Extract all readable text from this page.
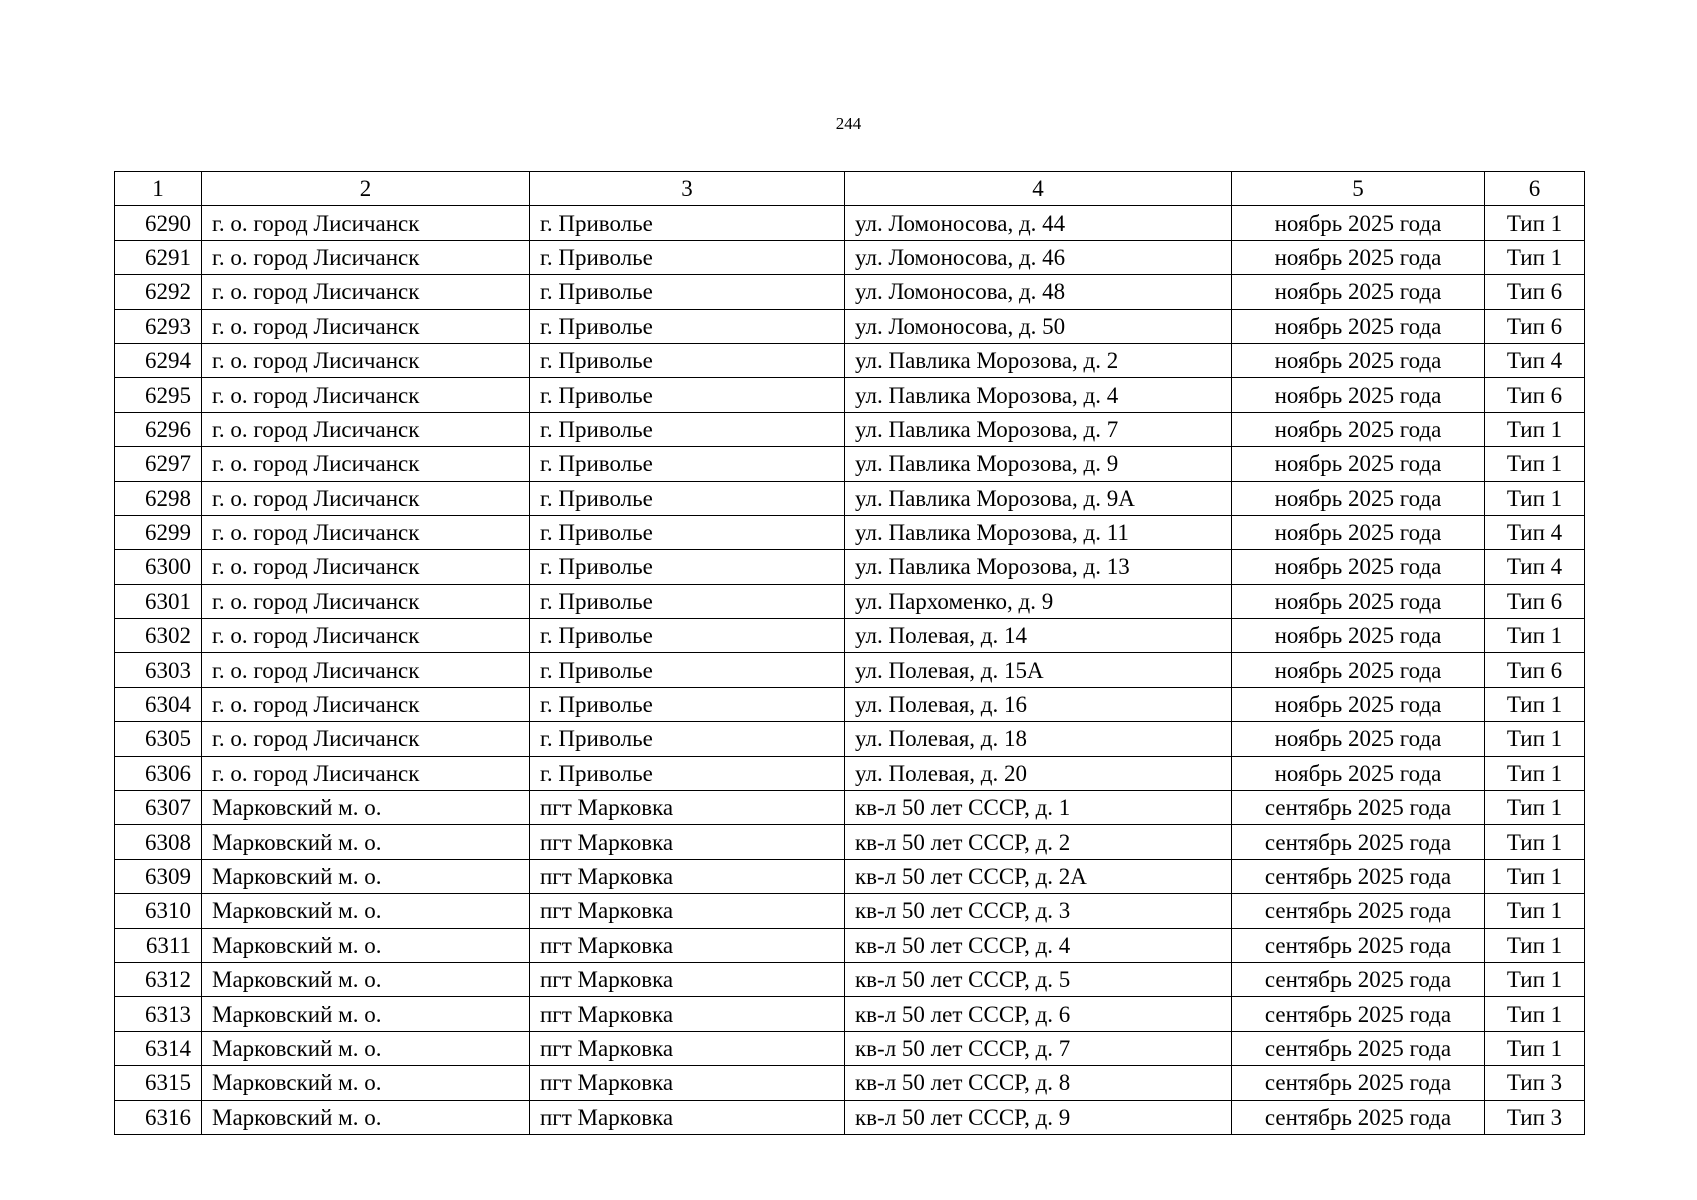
244
1	2	3	4	5	6
6290	г. о. город Лисичанск	г. Приволье	ул. Ломоносова, д. 44	ноябрь 2025 года	Тип 1
6291	г. о. город Лисичанск	г. Приволье	ул. Ломоносова, д. 46	ноябрь 2025 года	Тип 1
6292	г. о. город Лисичанск	г. Приволье	ул. Ломоносова, д. 48	ноябрь 2025 года	Тип 6
6293	г. о. город Лисичанск	г. Приволье	ул. Ломоносова, д. 50	ноябрь 2025 года	Тип 6
6294	г. о. город Лисичанск	г. Приволье	ул. Павлика Морозова, д. 2	ноябрь 2025 года	Тип 4
6295	г. о. город Лисичанск	г. Приволье	ул. Павлика Морозова, д. 4	ноябрь 2025 года	Тип 6
6296	г. о. город Лисичанск	г. Приволье	ул. Павлика Морозова, д. 7	ноябрь 2025 года	Тип 1
6297	г. о. город Лисичанск	г. Приволье	ул. Павлика Морозова, д. 9	ноябрь 2025 года	Тип 1
6298	г. о. город Лисичанск	г. Приволье	ул. Павлика Морозова, д. 9А	ноябрь 2025 года	Тип 1
6299	г. о. город Лисичанск	г. Приволье	ул. Павлика Морозова, д. 11	ноябрь 2025 года	Тип 4
6300	г. о. город Лисичанск	г. Приволье	ул. Павлика Морозова, д. 13	ноябрь 2025 года	Тип 4
6301	г. о. город Лисичанск	г. Приволье	ул. Пархоменко, д. 9	ноябрь 2025 года	Тип 6
6302	г. о. город Лисичанск	г. Приволье	ул. Полевая, д. 14	ноябрь 2025 года	Тип 1
6303	г. о. город Лисичанск	г. Приволье	ул. Полевая, д. 15А	ноябрь 2025 года	Тип 6
6304	г. о. город Лисичанск	г. Приволье	ул. Полевая, д. 16	ноябрь 2025 года	Тип 1
6305	г. о. город Лисичанск	г. Приволье	ул. Полевая, д. 18	ноябрь 2025 года	Тип 1
6306	г. о. город Лисичанск	г. Приволье	ул. Полевая, д. 20	ноябрь 2025 года	Тип 1
6307	Марковский м. о.	пгт Марковка	кв-л 50 лет СССР, д. 1	сентябрь 2025 года	Тип 1
6308	Марковский м. о.	пгт Марковка	кв-л 50 лет СССР, д. 2	сентябрь 2025 года	Тип 1
6309	Марковский м. о.	пгт Марковка	кв-л 50 лет СССР, д. 2А	сентябрь 2025 года	Тип 1
6310	Марковский м. о.	пгт Марковка	кв-л 50 лет СССР, д. 3	сентябрь 2025 года	Тип 1
6311	Марковский м. о.	пгт Марковка	кв-л 50 лет СССР, д. 4	сентябрь 2025 года	Тип 1
6312	Марковский м. о.	пгт Марковка	кв-л 50 лет СССР, д. 5	сентябрь 2025 года	Тип 1
6313	Марковский м. о.	пгт Марковка	кв-л 50 лет СССР, д. 6	сентябрь 2025 года	Тип 1
6314	Марковский м. о.	пгт Марковка	кв-л 50 лет СССР, д. 7	сентябрь 2025 года	Тип 1
6315	Марковский м. о.	пгт Марковка	кв-л 50 лет СССР, д. 8	сентябрь 2025 года	Тип 3
6316	Марковский м. о.	пгт Марковка	кв-л 50 лет СССР, д. 9	сентябрь 2025 года	Тип 3
